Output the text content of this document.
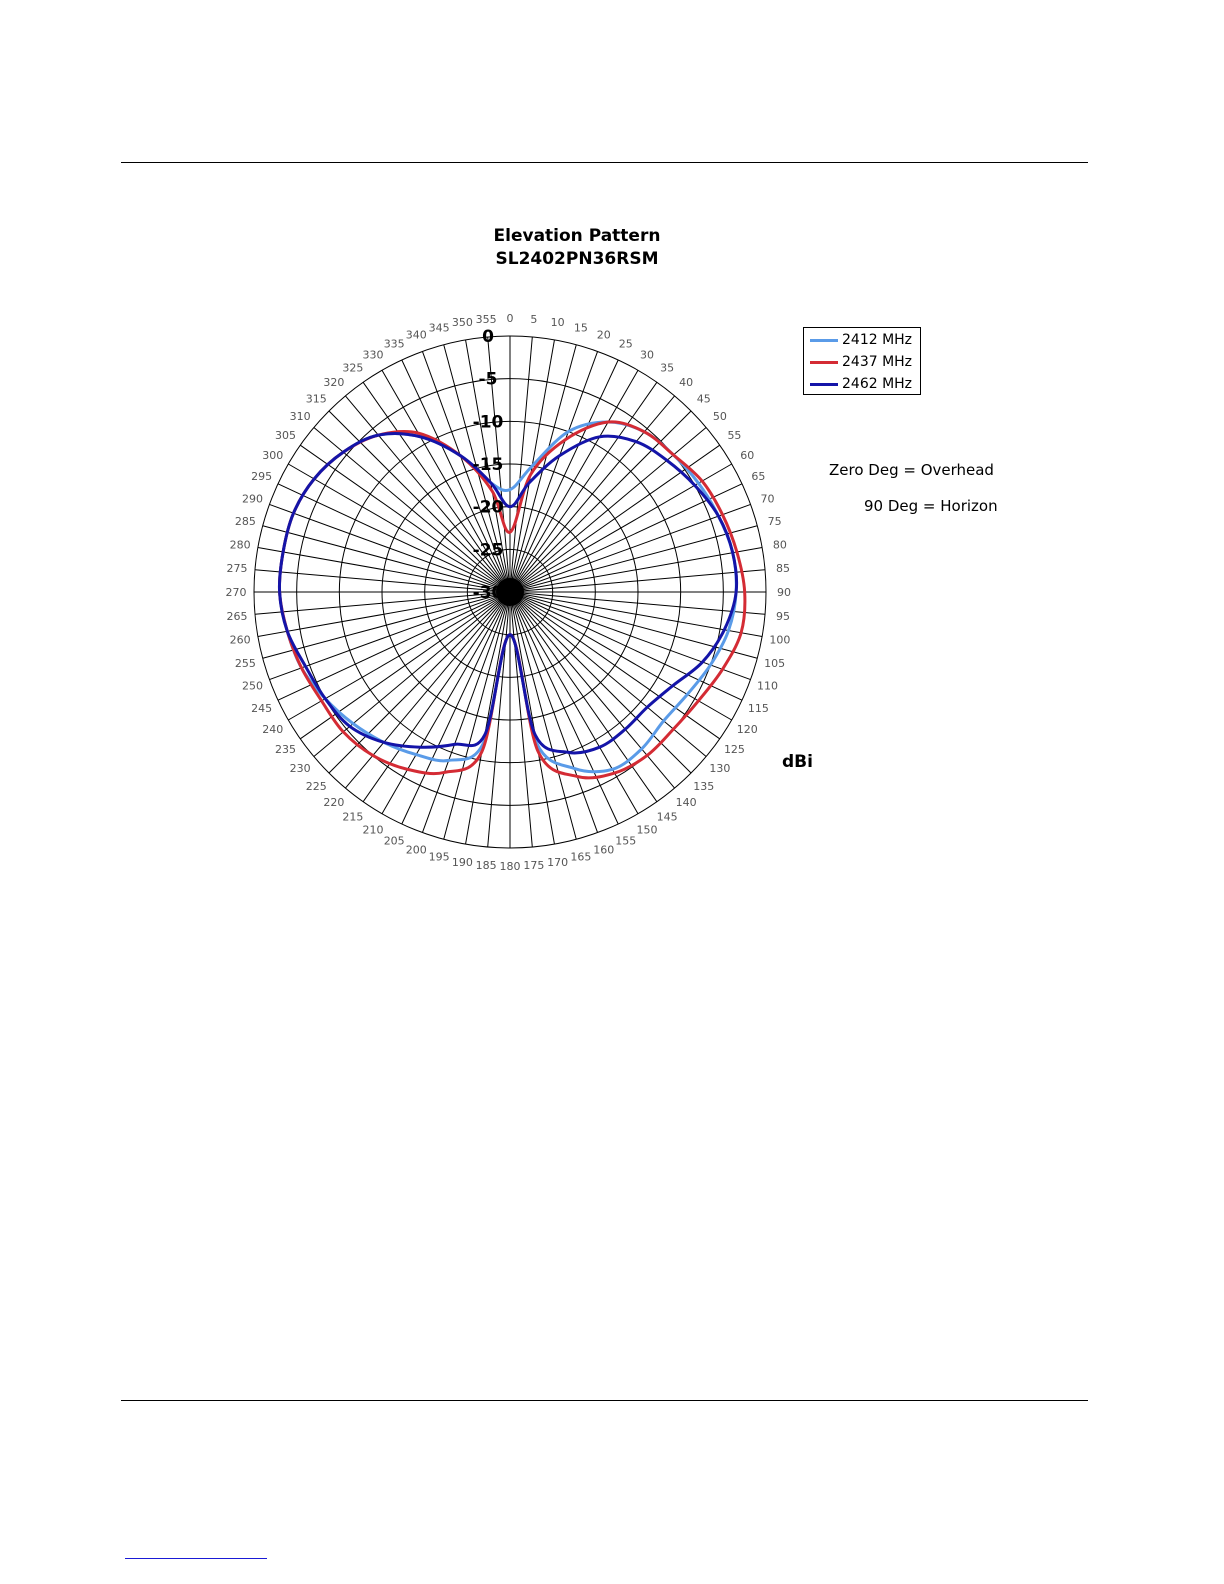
Elevation Pattern
SL2402PN36RSM
0 5 10 15
20
25
30
35
40
45
50
55
60
65
70
75
80
85
90
95
100
105
110
115
120
125
130
135
140
145
150
155
160
165
170
175
180
185
190
195
200
205
210
215
220
225
230
235
240
245
250
255
260
265
270
275
280
285
290
295
300
305
310
315
320
325
330
335
340
345 350 355
0
-5
-10
-15
-20
-25
-30
2412 MHz
2437 MHz
2462 MHz
Zero Deg = Overhead
90 Deg = Horizon
dBi
